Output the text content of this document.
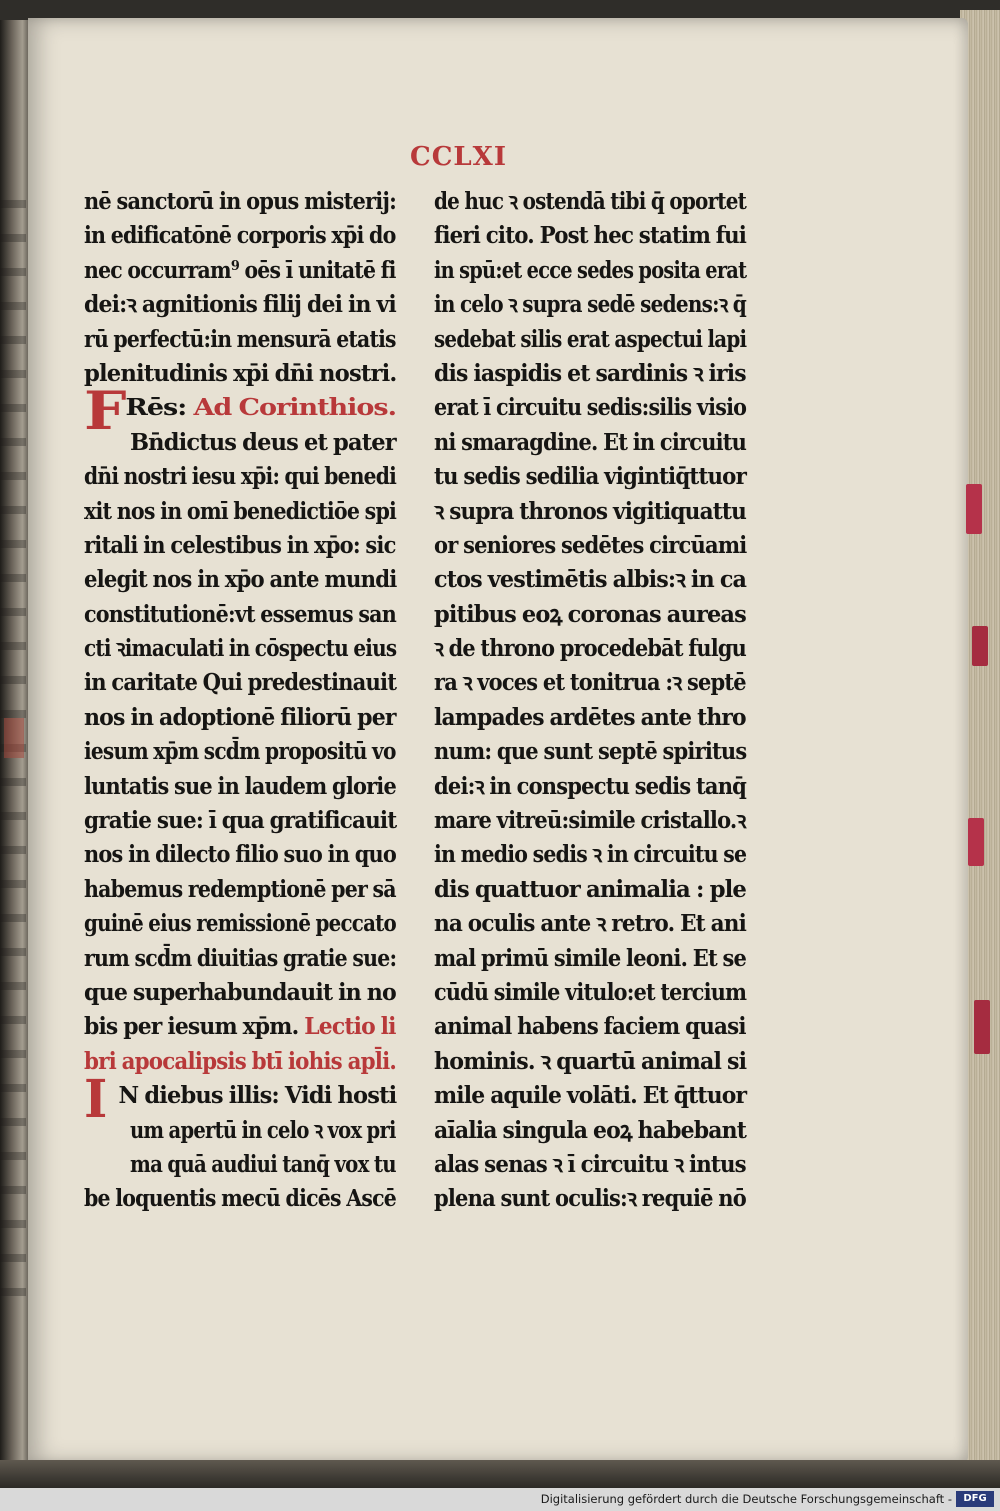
CCLXI
nē sanctorū in opus misterij:
in edificatōnē corporis xp̄i do
nec occurram⁹ oēs ī unitatē fi
dei:ꝛ agnitionis filij dei in vi
rū perfectū:in mensurā etatis
plenitudinis xp̄i dn̄i nostri.
FRēs: Ad Corinthios.
Bn̄dictus deus et pater
dn̄i nostri iesu xp̄i: qui benedi
xit nos in omī benedictiōe spi
ritali in celestibus in xp̄o: sic
elegit nos in xp̄o ante mundi
constitutionē:vt essemus san
cti ꝛimaculati in cōspectu eius
in caritate Qui predestinauit
nos in adoptionē filiorū per
iesum xp̄m scd̄m propositū vo
luntatis sue in laudem glorie
gratie sue: ī qua gratificauit
nos in dilecto filio suo in quo
habemus redemptionē per sā
guinē eius remissionē peccato
rum scd̄m diuitias gratie sue:
que superhabundauit in no
bis per iesum xp̄m. Lectio li
bri apocalipsis btī iohis apl̄i.
I N diebus illis: Vidi hosti
um apertū in celo ꝛ vox pri
ma quā audiui tanq̄ vox tu
be loquentis mecū dicēs Ascē
de huc ꝛ ostendā tibi q̄ oportet
fieri cito. Post hec statim fui
in spū:et ecce sedes posita erat
in celo ꝛ supra sedē sedens:ꝛ q̄
sedebat silis erat aspectui lapi
dis iaspidis et sardinis ꝛ iris
erat ī circuitu sedis:silis visio
ni smaragdine. Et in circuitu
tu sedis sedilia vigintiq̄ttuor
ꝛ supra thronos vigitiquattu
or seniores sedētes circūami
ctos vestimētis albis:ꝛ in ca
pitibus eoꝝ coronas aureas
ꝛ de throno procedebāt fulgu
ra ꝛ voces et tonitrua :ꝛ septē
lampades ardētes ante thro
num: que sunt septē spiritus
dei:ꝛ in conspectu sedis tanq̄
mare vitreū:simile cristallo.ꝛ
in medio sedis ꝛ in circuitu se
dis quattuor animalia : ple
na oculis ante ꝛ retro. Et ani
mal primū simile leoni. Et se
cūdū simile vitulo:et tercium
animal habens faciem quasi
hominis. ꝛ quartū animal si
mile aquile volāti. Et q̄ttuor
aīalia singula eoꝝ habebant
alas senas ꝛ ī circuitu ꝛ intus
plena sunt oculis:ꝛ requiē nō
Digitalisierung gefördert durch die Deutsche Forschungsgemeinschaft -	DFG
